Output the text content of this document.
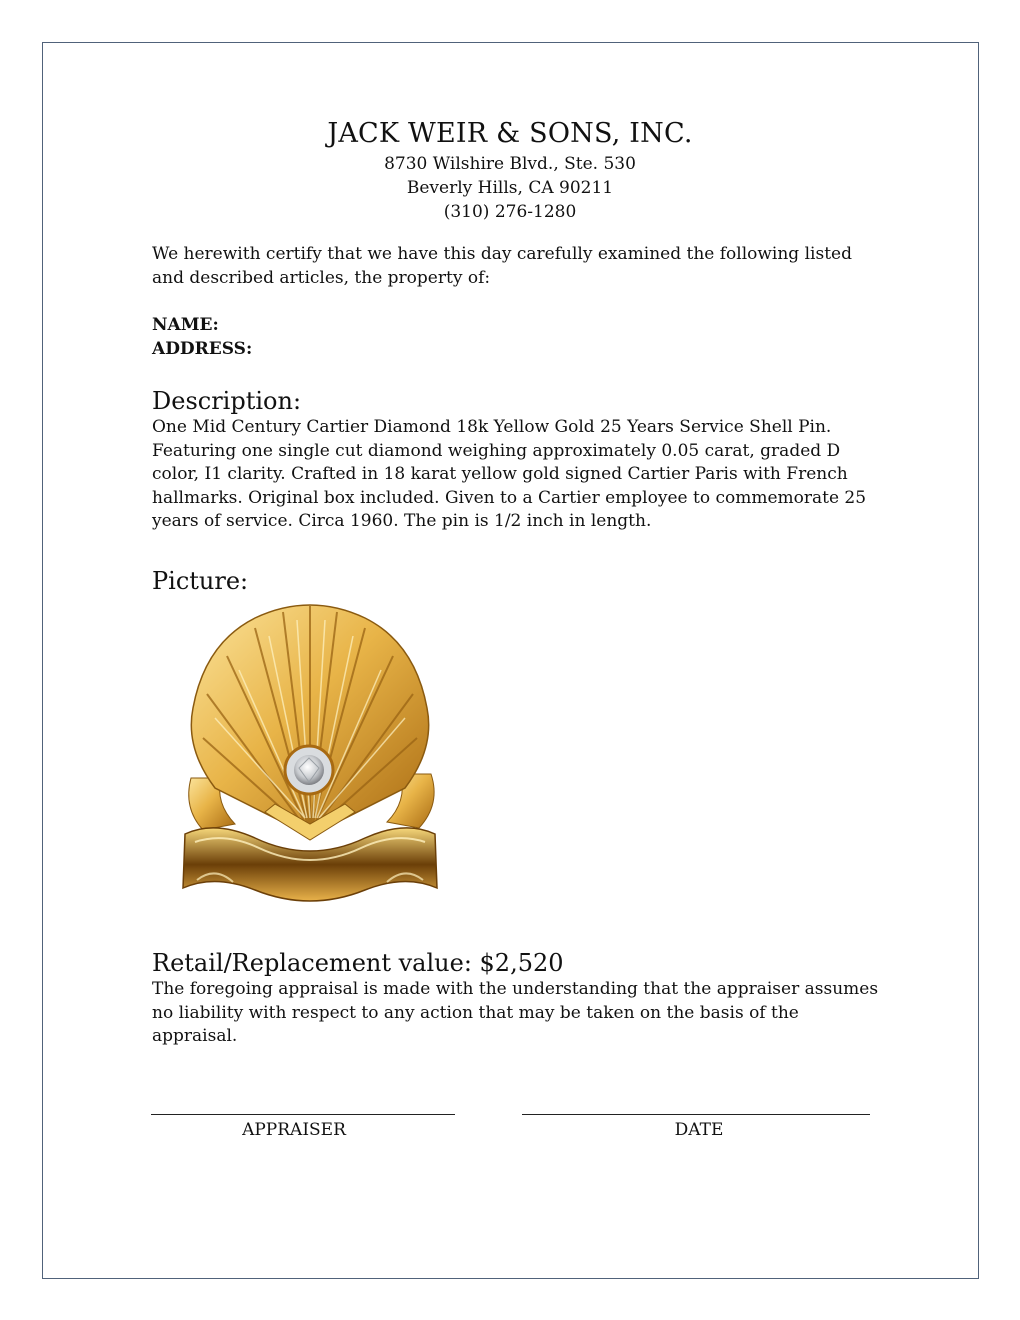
JACK WEIR & SONS, INC.
8730 Wilshire Blvd., Ste. 530
Beverly Hills, CA 90211
(310) 276-1280

We herewith certify that we have this day carefully examined the following listed and described articles, the property of:

NAME:
ADDRESS:
Description:

One Mid Century Cartier Diamond 18k Yellow Gold 25 Years Service Shell Pin. Featuring one single cut diamond weighing approximately 0.05 carat, graded D color, I1 clarity. Crafted in 18 karat yellow gold signed Cartier Paris with French hallmarks. Original box included. Given to a Cartier employee to commemorate 25 years of service. Circa 1960. The pin is 1/2 inch in length.

Picture:
Retail/Replacement value: $2,520

The foregoing appraisal is made with the understanding that the appraiser assumes no liability with respect to any action that may be taken on the basis of the appraisal.

APPRAISER	DATE
